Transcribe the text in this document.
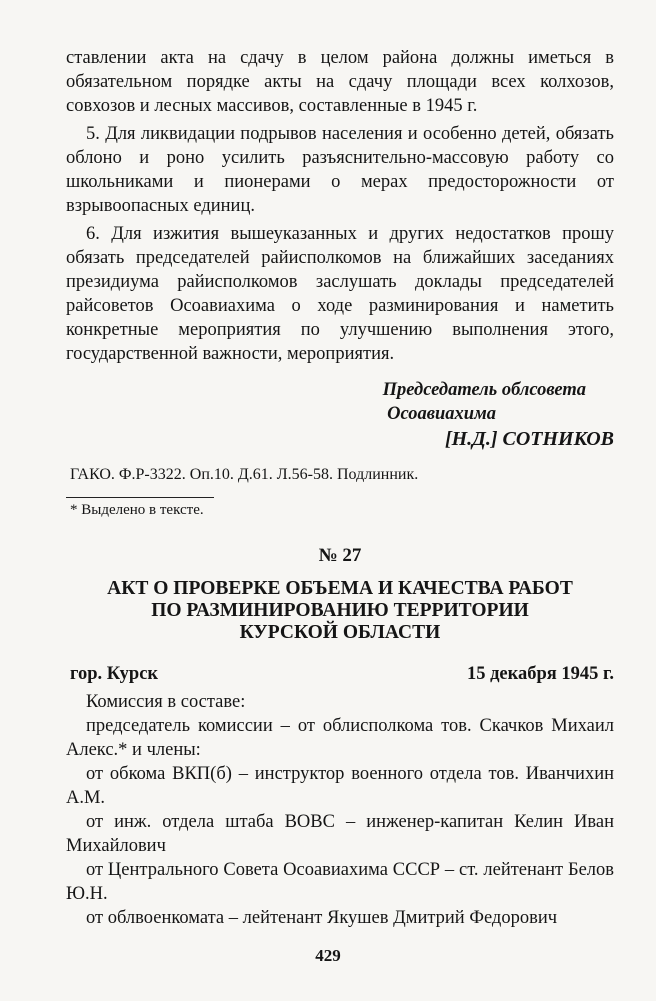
ставлении акта на сдачу в целом района должны иметься в обязательном порядке акты на сдачу площади всех колхозов, совхозов и лесных массивов, составленные в 1945 г.

5. Для ликвидации подрывов населения и особенно детей, обязать облоно и роно усилить разъяснительно-массовую работу со школьниками и пионерами о мерах предосторожности от взрывоопасных единиц.

6. Для изжития вышеуказанных и других недостатков прошу обязать председателей райисполкомов на ближайших заседаниях президиума райисполкомов заслушать доклады председателей райсоветов Осоавиахима о ходе разминирования и наметить конкретные мероприятия по улучшению выполнения этого, государственной важности, мероприятия.

Председатель облсовета
Осоавиахима
[Н.Д.] СОТНИКОВ

ГАКО. Ф.Р-3322. Оп.10. Д.61. Л.56-58. Подлинник.

* Выделено в тексте.

№ 27
АКТ О ПРОВЕРКЕ ОБЪЕМА И КАЧЕСТВА РАБОТ
ПО РАЗМИНИРОВАНИЮ ТЕРРИТОРИИ
КУРСКОЙ ОБЛАСТИ
гор. Курск	15 декабря 1945 г.

Комиссия в составе:

председатель комиссии – от облисполкома тов. Скачков Михаил Алекс.* и члены:

от обкома ВКП(б) – инструктор военного отдела тов. Иванчихин А.М.

от инж. отдела штаба ВОВС – инженер-капитан Келин Иван Михайлович

от Центрального Совета Осоавиахима СССР – ст. лейтенант Белов Ю.Н.

от облвоенкомата – лейтенант Якушев Дмитрий Федорович

429
